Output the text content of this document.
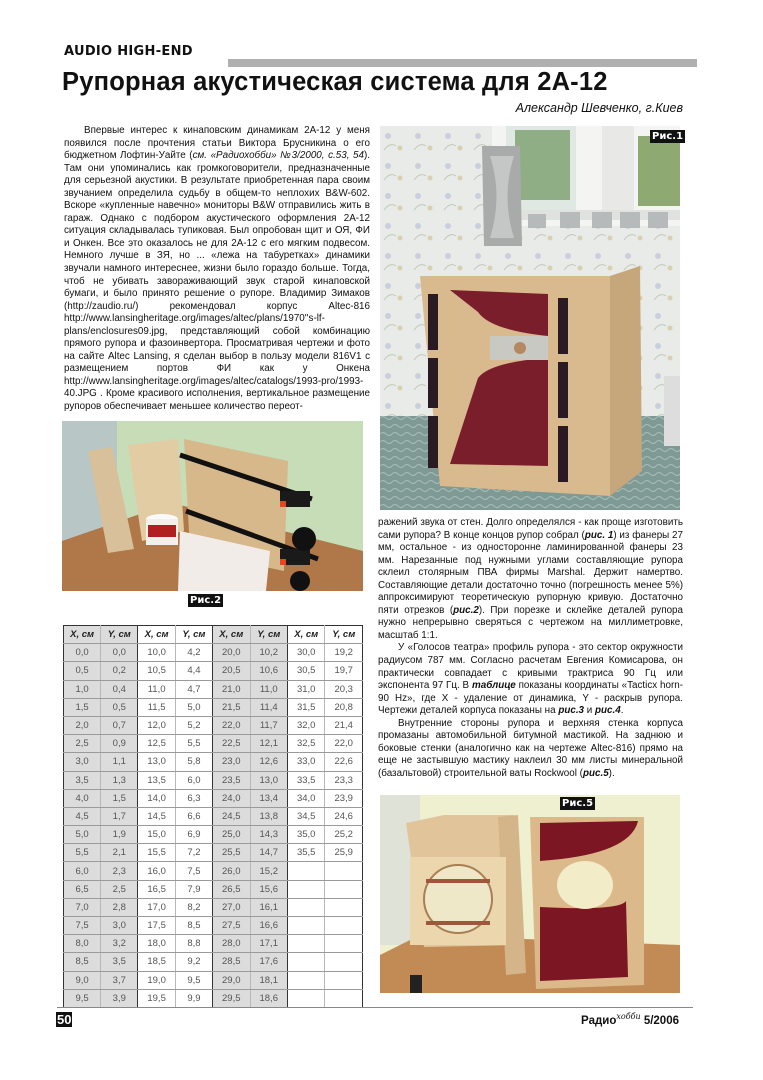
AUDIO HIGH-END
Рупорная акустическая система для 2А-12
Александр Шевченко, г.Киев

Впервые интерес к кинаповским динамикам 2А-12 у меня появился после прочтения статьи Виктора Брусникина о его бюджетном Лофтин-Уайте (см. «Радиохобби» №3/2000, с.53, 54). Там они упоминались как громкоговорители, предназначенные для серьезной акустики. В результате приобретенная пара своим звучанием определила судьбу в общем-то неплохих B&W-602. Вскоре «купленные навечно» мониторы B&W отправились жить в гараж. Однако с подбором акустического оформления 2А-12 ситуация складывалась тупиковая. Был опробован щит и ОЯ, ФИ и Онкен. Все это оказалось не для 2А-12 с его мягким подвесом. Немного лучше в ЗЯ, но ... «лежа на табуретках» динамики звучали намного интереснее, жизни было гораздо больше. Тогда, чтоб не убивать завораживающий звук старой кинаповской бумаги, и было принято решение о рупоре. Владимир Зимаков (http://zaudio.ru/) рекомендовал корпус Altec-816 http://www.lansingheritage.org/images/altec/plans/1970''s-lf-plans/enclosures09.jpg, представляющий собой комбинацию прямого рупора и фазоинвертора. Просматривая чертежи и фото на сайте Altec Lansing, я сделан выбор в пользу модели 816V1 с размещением портов ФИ как у Онкена http://www.lansingheritage.org/images/altec/catalogs/1993-pro/1993-40.JPG . Кроме красивого исполнения, вертикальное размещение рупоров обеспечивает меньшее количество переот-

Рис.1
Рис.2
X, см	Y, см	X, см	Y, см	X, см	Y, см	X, см	Y, см
0,0	0,0	10,0	4,2	20,0	10,2	30,0	19,2
0,5	0,2	10,5	4,4	20,5	10,6	30,5	19,7
1,0	0,4	11,0	4,7	21,0	11,0	31,0	20,3
1,5	0,5	11,5	5,0	21,5	11,4	31,5	20,8
2,0	0,7	12,0	5,2	22,0	11,7	32,0	21,4
2,5	0,9	12,5	5,5	22,5	12,1	32,5	22,0
3,0	1,1	13,0	5,8	23,0	12,6	33,0	22,6
3,5	1,3	13,5	6,0	23,5	13,0	33,5	23,3
4,0	1,5	14,0	6,3	24,0	13,4	34,0	23,9
4,5	1,7	14,5	6,6	24,5	13,8	34,5	24,6
5,0	1,9	15,0	6,9	25,0	14,3	35,0	25,2
5,5	2,1	15,5	7,2	25,5	14,7	35,5	25,9
6,0	2,3	16,0	7,5	26,0	15,2		
6,5	2,5	16,5	7,9	26,5	15,6		
7,0	2,8	17,0	8,2	27,0	16,1		
7,5	3,0	17,5	8,5	27,5	16,6		
8,0	3,2	18,0	8,8	28,0	17,1		
8,5	3,5	18,5	9,2	28,5	17,6		
9,0	3,7	19,0	9,5	29,0	18,1		
9,5	3,9	19,5	9,9	29,5	18,6		

ражений звука от стен. Долго определялся - как проще изготовить сами рупора? В конце концов рупор собрал (рис. 1) из фанеры 27 мм, остальное - из односторонне ламинированной фанеры 23 мм. Нарезанные под нужными углами составляющие рупора склеил столярным ПВА фирмы Marshal. Держит намертво. Составляющие детали достаточно точно (погрешность менее 5%) аппроксимируют теоретическую рупорную кривую. Достаточно пяти отрезков (рис.2). При порезке и склейке деталей рупора нужно непрерывно сверяться с чертежом на миллиметровке, масштаб 1:1.

У «Голосов театра» профиль рупора - это сектор окружности радиусом 787 мм. Согласно расчетам Евгения Комисарова, он практически совпадает с кривыми трактриса 90 Гц или экспонента 97 Гц. В таблице показаны координаты «Tacticx horn-90 Hz», где X - удаление от динамика, Y - раскрыв рупора. Чертежи деталей корпуса показаны на рис.3 и рис.4.

Внутренние стороны рупора и верхняя стенка корпуса промазаны автомобильной битумной мастикой. На заднюю и боковые стенки (аналогично как на чертеже Altec-816) прямо на еще не застывшую мастику наклеил 30 мм листы минеральной (базальтовой) строительной ваты Rockwool (рис.5).

Рис.5
50	Радио$^{хобби}$ 5/2006
